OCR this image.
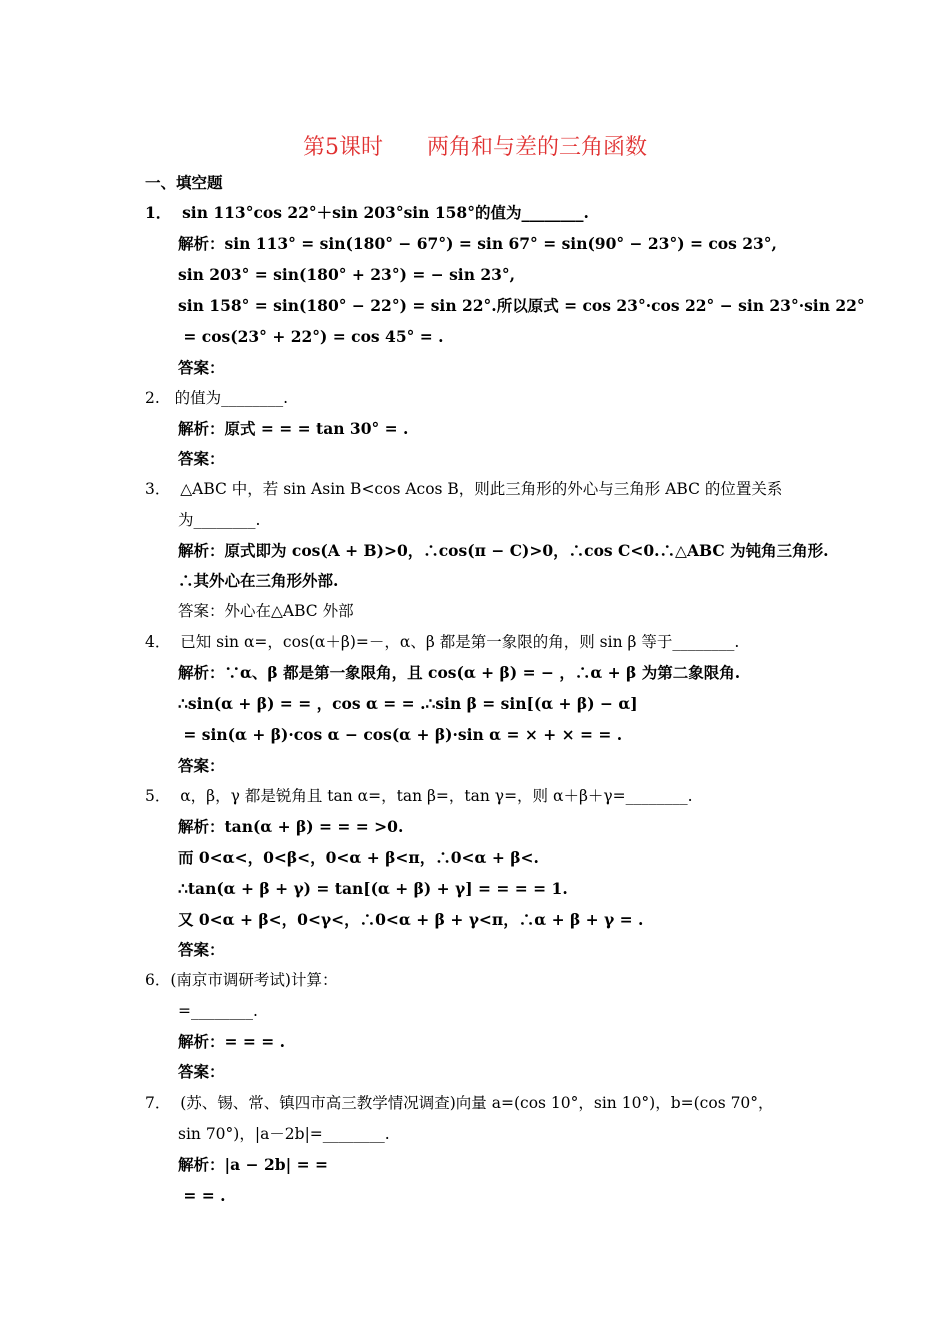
第5课时　　两角和与差的三角函数
一、填空题
1．  sin 113°cos 22°＋sin 203°sin 158°的值为________.
解析：sin 113° = sin(180° − 67°) = sin 67° = sin(90° − 23°) = cos 23°,
sin 203° = sin(180° + 23°) = − sin 23°,
sin 158° = sin(180° − 22°) = sin 22°.所以原式 = cos 23°·cos 22° − sin 23°·sin 22°
= cos(23° + 22°) = cos 45° = .
答案：
2.   的值为________.
解析：原式 = = = tan 30° = .
答案：
3．  △ABC 中，若 sin Asin B<cos Acos B，则此三角形的外心与三角形 ABC 的位置关系
为________.
解析：原式即为 cos(A + B)>0，∴cos(π − C)>0，∴cos C<0.∴△ABC 为钝角三角形.
∴其外心在三角形外部.
答案：外心在△ABC 外部
4．  已知 sin α=，cos(α＋β)=－，α、β 都是第一象限的角，则 sin β 等于________.
解析：∵α、β 都是第一象限角，且 cos(α + β) = − ，∴α + β 为第二象限角.
∴sin(α + β) = = ，cos α = = .∴sin β = sin[(α + β) − α]
= sin(α + β)·cos α − cos(α + β)·sin α = × + × = = .
答案：
5．  α，β，γ 都是锐角且 tan α=，tan β=，tan γ=，则 α＋β＋γ=________.
解析：tan(α + β) = = = >0.
而 0<α<，0<β<，0<α + β<π，∴0<α + β<.
∴tan(α + β + γ) = tan[(α + β) + γ] = = = = 1.
又 0<α + β<，0<γ<，∴0<α + β + γ<π，∴α + β + γ = .
答案：
6．(南京市调研考试)计算：
=________.
解析：= = = .
答案：
7．  (苏、锡、常、镇四市高三教学情况调查)向量 a=(cos 10°，sin 10°)，b=(cos 70°，
sin 70°)，|a－2b|=________.
解析：|a − 2b| = =
= = .
